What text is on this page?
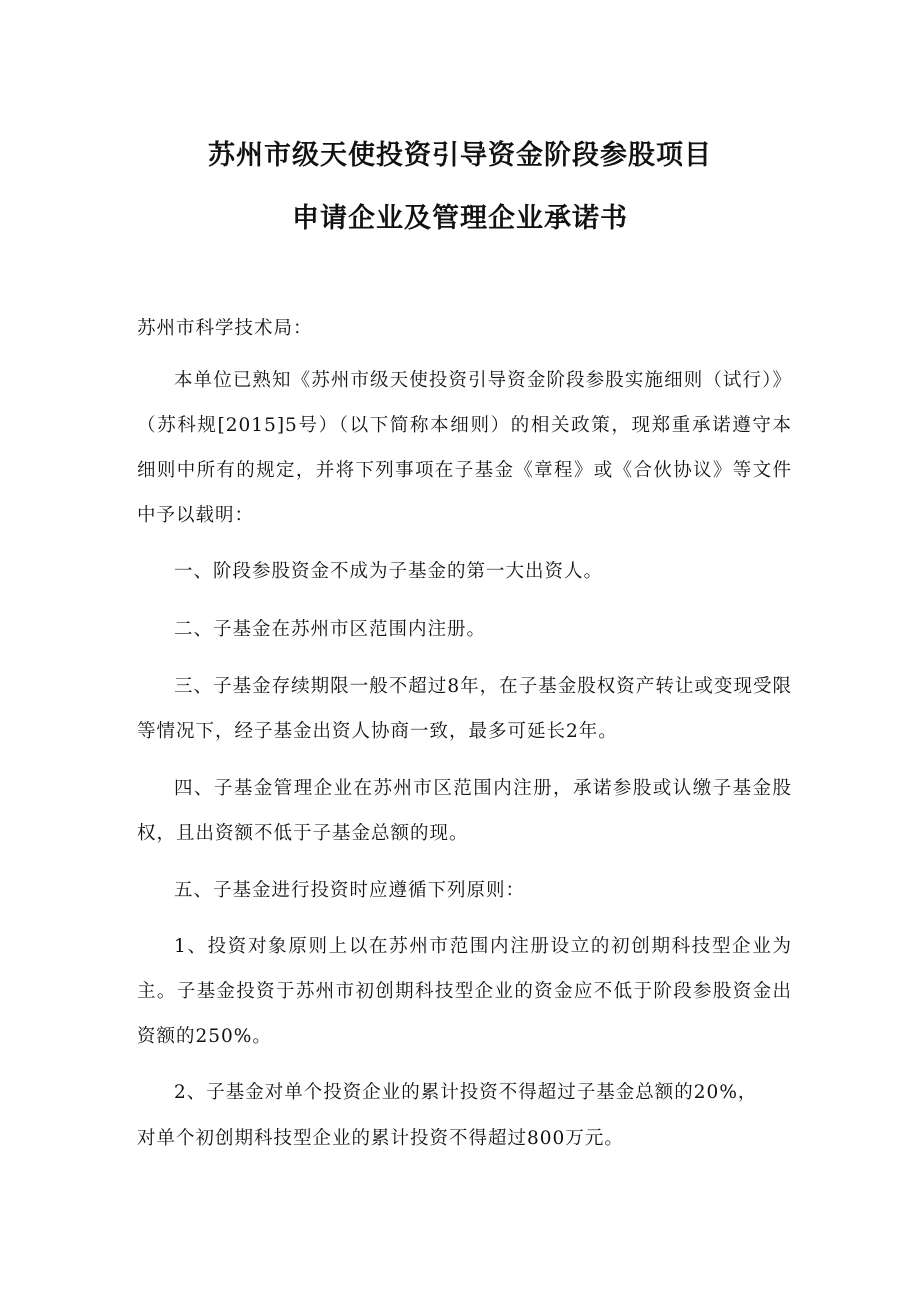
苏州市级天使投资引导资金阶段参股项目
申请企业及管理企业承诺书

苏州市科学技术局：

本单位已熟知《苏州市级天使投资引导资金阶段参股实施细则（试行）》（苏科规[2015]5号）（以下简称本细则）的相关政策，现郑重承诺遵守本细则中所有的规定，并将下列事项在子基金《章程》或《合伙协议》等文件中予以载明：

一、阶段参股资金不成为子基金的第一大出资人。

二、子基金在苏州市区范围内注册。

三、子基金存续期限一般不超过8年，在子基金股权资产转让或变现受限等情况下，经子基金出资人协商一致，最多可延长2年。

四、子基金管理企业在苏州市区范围内注册，承诺参股或认缴子基金股权，且出资额不低于子基金总额的现。

五、子基金进行投资时应遵循下列原则：

1、投资对象原则上以在苏州市范围内注册设立的初创期科技型企业为主。子基金投资于苏州市初创期科技型企业的资金应不低于阶段参股资金出资额的250%。

2、子基金对单个投资企业的累计投资不得超过子基金总额的20%，

对单个初创期科技型企业的累计投资不得超过800万元。
